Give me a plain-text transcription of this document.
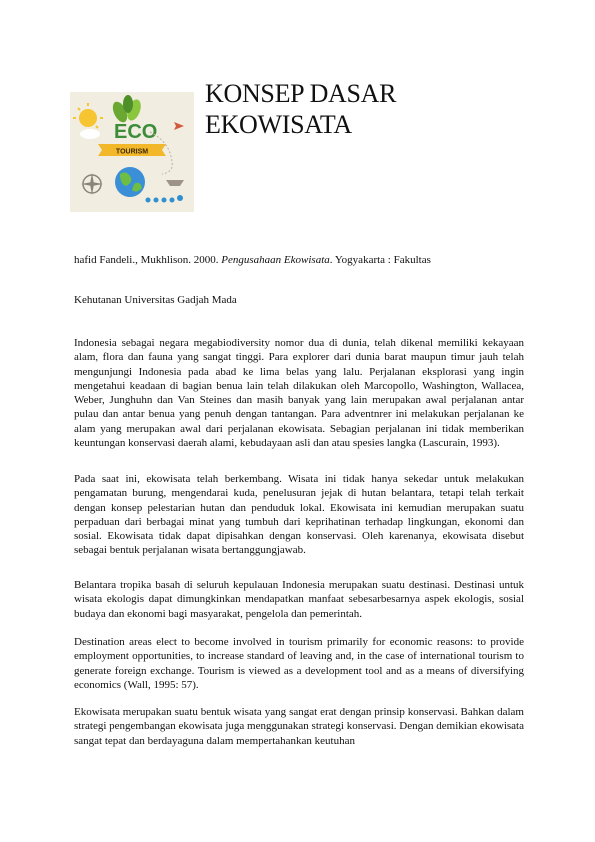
KONSEP DASAR
EKOWISATA
ECO
TOURISM
hafid Fandeli., Mukhlison. 2000. Pengusahaan Ekowisata. Yogyakarta : Fakultas
Kehutanan Universitas Gadjah Mada

Indonesia sebagai negara megabiodiversity nomor dua di dunia, telah dikenal memiliki kekayaan alam, flora dan fauna yang sangat tinggi. Para explorer dari dunia barat maupun timur jauh telah mengunjungi Indonesia pada abad ke lima belas yang lalu. Perjalanan eksplorasi yang ingin mengetahui keadaan di bagian benua lain telah dilakukan oleh Marcopollo, Washington, Wallacea, Weber, Junghuhn dan Van Steines dan masih banyak yang lain merupakan awal perjalanan antar pulau dan antar benua yang penuh dengan tantangan. Para adventnrer ini melakukan perjalanan ke alam yang merupakan awal dari perjalanan ekowisata. Sebagian perjalanan ini tidak memberikan keuntungan konservasi daerah alami, kebudayaan asli dan atau spesies langka (Lascurain, 1993).

Pada saat ini, ekowisata telah berkembang. Wisata ini tidak hanya sekedar untuk melakukan pengamatan burung, mengendarai kuda, penelusuran jejak di hutan belantara, tetapi telah terkait dengan konsep pelestarian hutan dan penduduk lokal. Ekowisata ini kemudian merupakan suatu perpaduan dari berbagai minat yang tumbuh dari keprihatinan terhadap lingkungan, ekonomi dan sosial. Ekowisata tidak dapat dipisahkan dengan konservasi. Oleh karenanya, ekowisata disebut sebagai bentuk perjalanan wisata bertanggungjawab.

Belantara tropika basah di seluruh kepulauan Indonesia merupakan suatu destinasi. Destinasi untuk wisata ekologis dapat dimungkinkan mendapatkan manfaat sebesarbesarnya aspek ekologis, sosial budaya dan ekonomi bagi masyarakat, pengelola dan pemerintah.

Destination areas elect to become involved in tourism primarily for economic reasons: to provide employment opportunities, to increase standard of leaving and, in the case of international tourism to generate foreign exchange. Tourism is viewed as a development tool and as a means of diversifying economics (Wall, 1995: 57).

Ekowisata merupakan suatu bentuk wisata yang sangat erat dengan prinsip konservasi. Bahkan dalam strategi pengembangan ekowisata juga menggunakan strategi konservasi. Dengan demikian ekowisata sangat tepat dan berdayaguna dalam mempertahankan keutuhan
